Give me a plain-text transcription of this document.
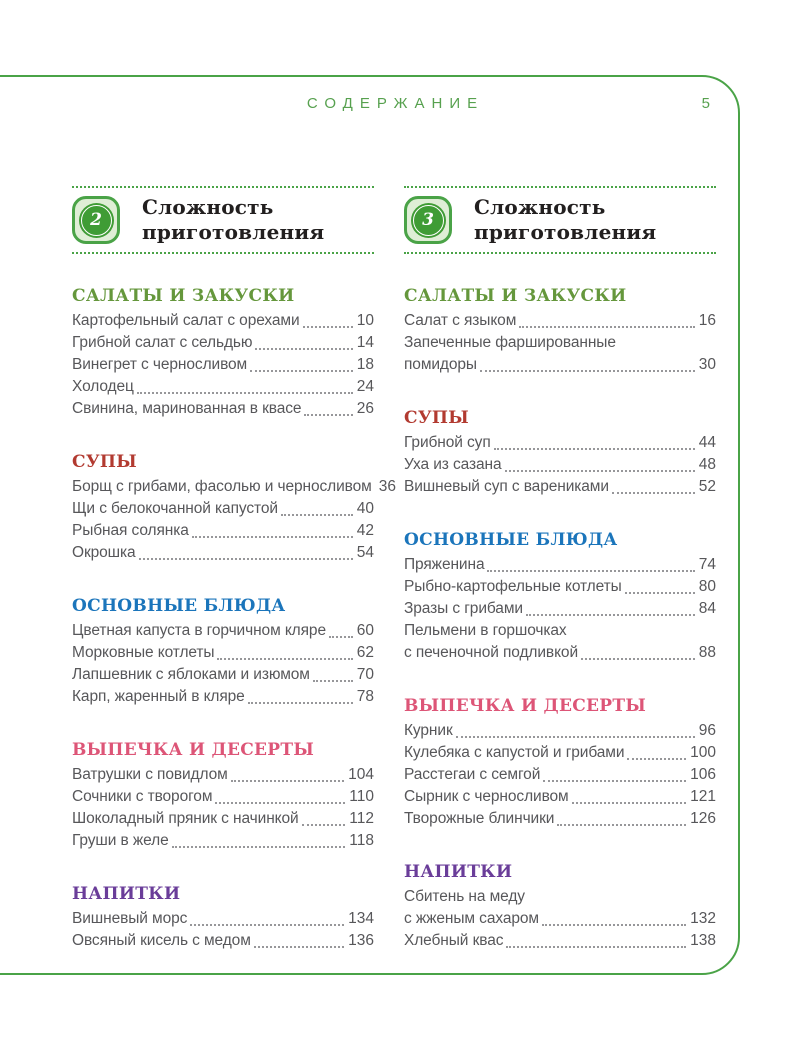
СОДЕРЖАНИЕ	5
2
Сложность
приготовления
САЛАТЫ И ЗАКУСКИ
Картофельный салат с орехами	10
Грибной салат с сельдью	14
Винегрет с черносливом	18
Холодец	24
Свинина, маринованная в квасе	26
СУПЫ
Борщ с грибами, фасолью и черносливом 36
Щи с белокочанной капустой	40
Рыбная солянка	42
Окрошка	54
ОСНОВНЫЕ БЛЮДА
Цветная капуста в горчичном кляре 60
Морковные котлеты	62
Лапшевник с яблоками и изюмом	70
Карп, жаренный в кляре	78
ВЫПЕЧКА И ДЕСЕРТЫ
Ватрушки с повидлом	104
Сочники с творогом	110
Шоколадный пряник с начинкой	112
Груши в желе	118
НАПИТКИ
Вишневый морс	134
Овсяный кисель с медом	136
3
Сложность
приготовления
САЛАТЫ И ЗАКУСКИ
Салат с языком	16
Запеченные фаршированные
помидоры	30
СУПЫ
Грибной суп	44
Уха из сазана	48
Вишневый суп с варениками	52
ОСНОВНЫЕ БЛЮДА
Пряженина	74
Рыбно-картофельные котлеты	80
Зразы с грибами	84
Пельмени в горшочках
с печеночной подливкой	88
ВЫПЕЧКА И ДЕСЕРТЫ
Курник	96
Кулебяка с капустой и грибами	100
Расстегаи с семгой	106
Сырник с черносливом	121
Творожные блинчики	126
НАПИТКИ
Сбитень на меду
с жженым сахаром	132
Хлебный квас	138
